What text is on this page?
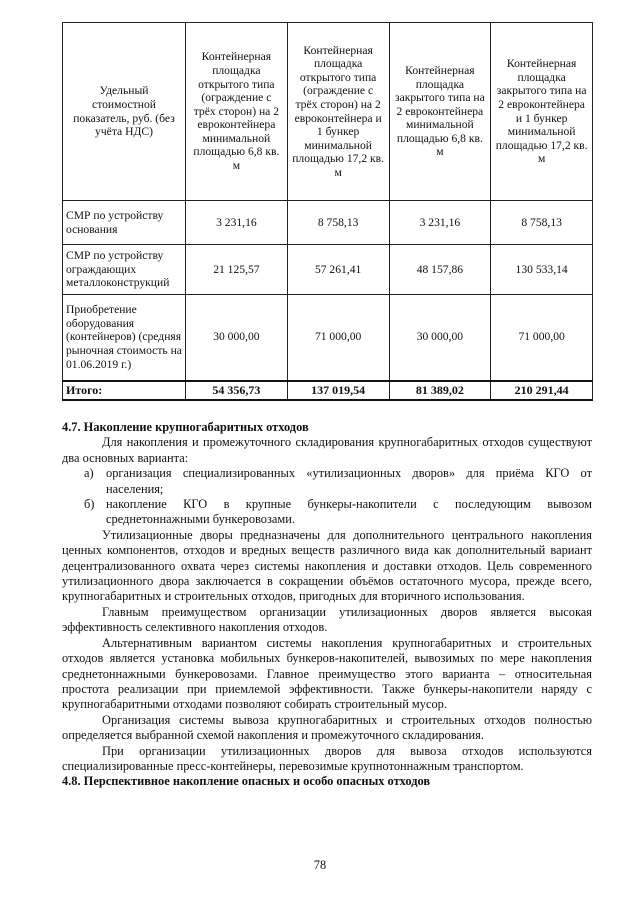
Удельный стоимостной показатель, руб. (без учёта НДС)	Контейнерная площадка открытого типа (ограждение с трёх сторон) на 2 евроконтейнера минимальной площадью 6,8 кв. м	Контейнерная площадка открытого типа (ограждение с трёх сторон) на 2 евроконтейнера и 1 бункер минимальной площадью 17,2 кв. м	Контейнерная площадка закрытого типа на 2 евроконтейнера минимальной площадью 6,8 кв. м	Контейнерная площадка закрытого типа на 2 евроконтейнера и 1 бункер минимальной площадью 17,2 кв. м
СМР по устройству основания	3 231,16	8 758,13	3 231,16	8 758,13
СМР по устройству ограждающих металлоконструкций	21 125,57	57 261,41	48 157,86	130 533,14
Приобретение оборудования (контейнеров) (средняя рыночная стоимость на 01.06.2019 г.)	30 000,00	71 000,00	30 000,00	71 000,00
Итого:	54 356,73	137 019,54	81 389,02	210 291,44
4.7. Накопление крупногабаритных отходов

Для накопления и промежуточного складирования крупногабаритных отходов существуют два основных варианта:

а) организация специализированных «утилизационных дворов» для приёма КГО от населения;
б) накопление КГО в крупные бункеры-накопители с последующим вывозом среднетоннажными бункеровозами.

Утилизационные дворы предназначены для дополнительного центрального накопления ценных компонентов, отходов и вредных веществ различного вида как дополнительный вариант децентрализованного охвата через системы накопления и доставки отходов. Цель современного утилизационного двора заключается в сокращении объёмов остаточного мусора, прежде всего, крупногабаритных и строительных отходов, пригодных для вторичного использования.

Главным преимуществом организации утилизационных дворов является высокая эффективность селективного накопления отходов.

Альтернативным вариантом системы накопления крупногабаритных и строительных отходов является установка мобильных бункеров-накопителей, вывозимых по мере накопления среднетоннажными бункеровозами. Главное преимущество этого варианта – относительная простота реализации при приемлемой эффективности. Также бункеры-накопители наряду с крупногабаритными отходами позволяют собирать строительный мусор.

Организация системы вывоза крупногабаритных и строительных отходов полностью определяется выбранной схемой накопления и промежуточного складирования.

При организации утилизационных дворов для вывоза отходов используются специализированные пресс-контейнеры, перевозимые крупнотоннажным транспортом.

4.8. Перспективное накопление опасных и особо опасных отходов
78
